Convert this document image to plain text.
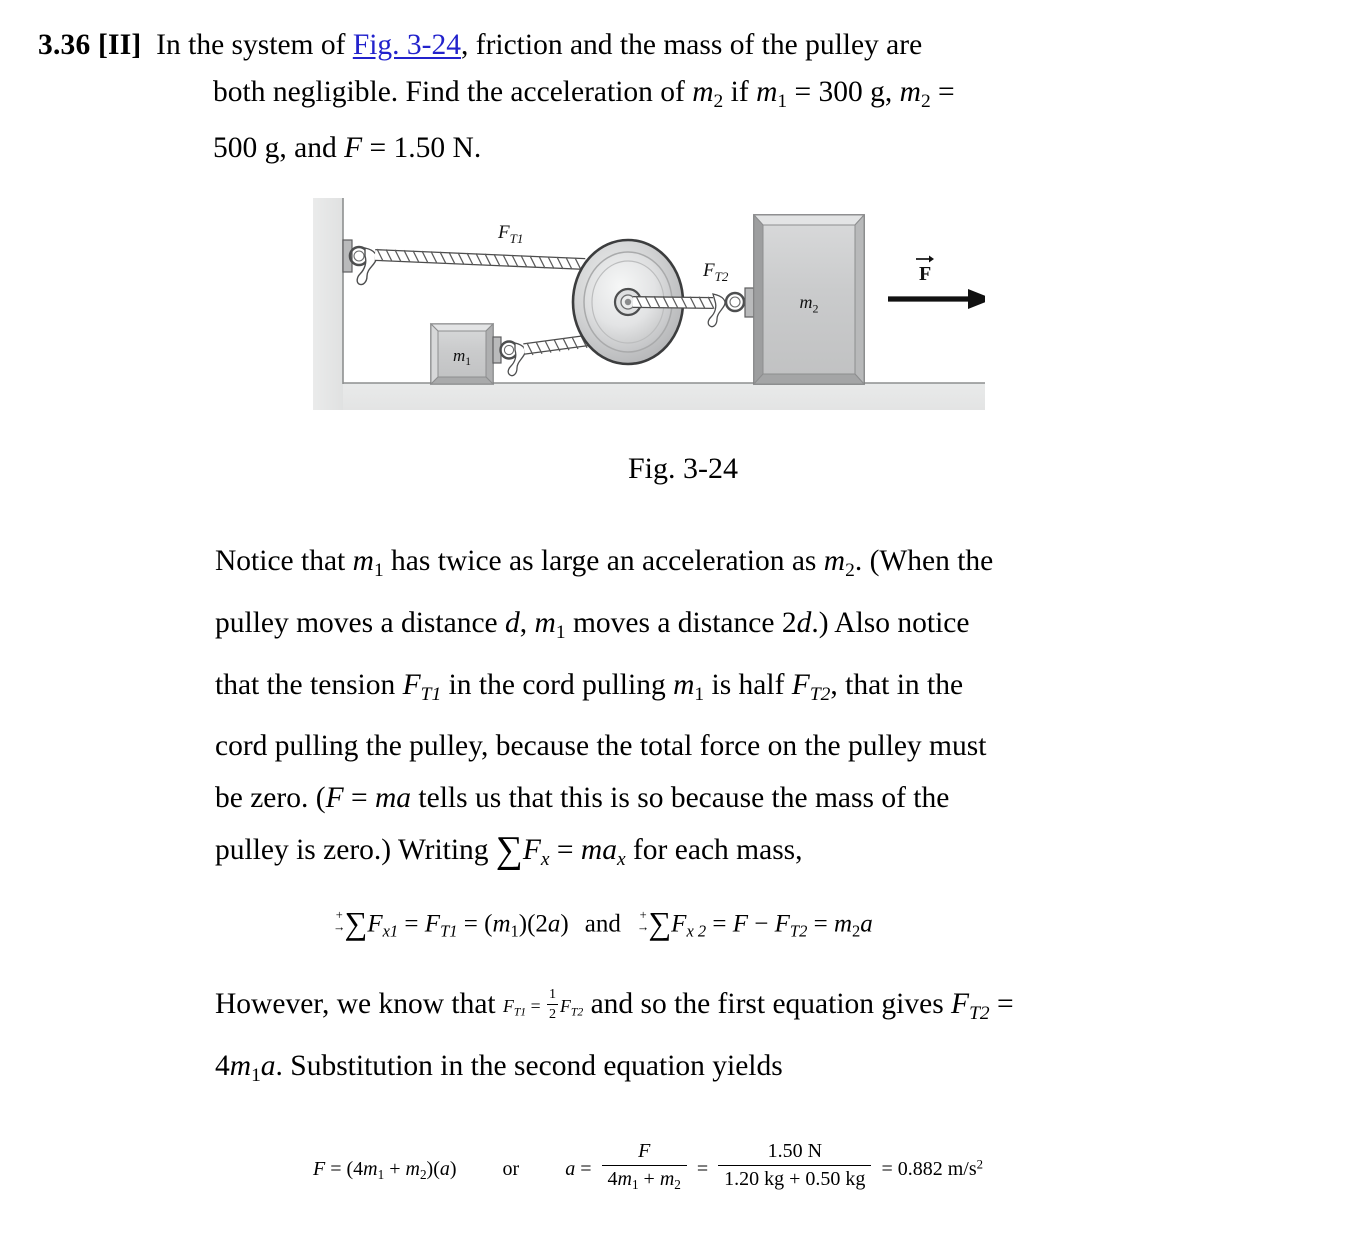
3.36 [II] In the system of Fig. 3-24, friction and the mass of the pulley are
both negligible. Find the acceleration of $m_2$ if $m_1 = 300$ g, $m_2$ =
500 g, and F = 1.50 N.
$m_1$
$m_2$
$F_{T1}$
$F_{T2}$	F
Fig. 3-24
Notice that $m_1$ has twice as large an acceleration as $m_2$. (When the
pulley moves a distance d, $m_1$ moves a distance 2d.) Also notice
that the tension $F_{T1}$ in the cord pulling $m_1$ is half $F_{T2}$, that in the
cord pulling the pulley, because the total force on the pulley must
be zero. (F = ma tells us that this is so because the mass of the
pulley is zero.) Writing $\sum F_x = ma_x$ for each mass,
+
→ $\sum F_{x1} = F_{T1} = (m_1)(2a)$ and +
→ $\sum F_{x 2} = F - F_{T2} = m_2a$
However, we know that $F_{T1} = \frac{1}{2} F_{T2}$ and so the first equation gives $F_{T2}$ =
$4m_1a$. Substitution in the second equation yields
$F = (4m_1 + m_2)(a)$ or $a = \frac{F}{4m_1 + m_2} = \frac{1.50 N}{1.20 kg + 0.50 kg} = 0.882$ $m/s^2$
